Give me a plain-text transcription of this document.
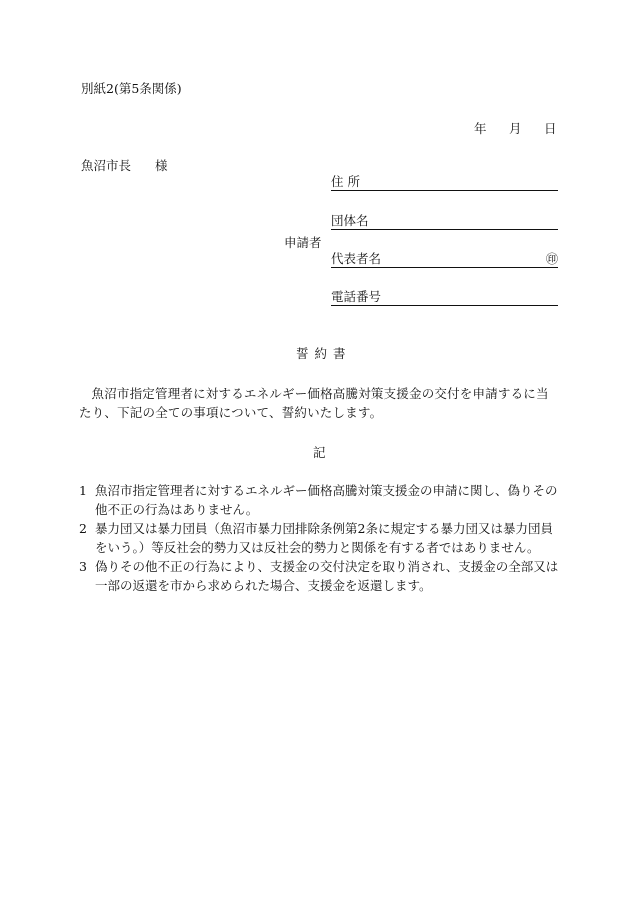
別紙2(第5条関係)
年 月 日
魚沼市長 様
申請者
住 所
団体名
代表者名	㊞
電話番号
誓約書
魚沼市指定管理者に対するエネルギー価格高騰対策支援金の交付を申請するに当たり、下記の全ての事項について、誓約いたします。
記
1 魚沼市指定管理者に対するエネルギー価格高騰対策支援金の申請に関し、偽りその他不正の行為はありません。
2 暴力団又は暴力団員（魚沼市暴力団排除条例第2条に規定する暴力団又は暴力団員をいう。）等反社会的勢力又は反社会的勢力と関係を有する者ではありません。
3 偽りその他不正の行為により、支援金の交付決定を取り消され、支援金の全部又は一部の返還を市から求められた場合、支援金を返還します。
